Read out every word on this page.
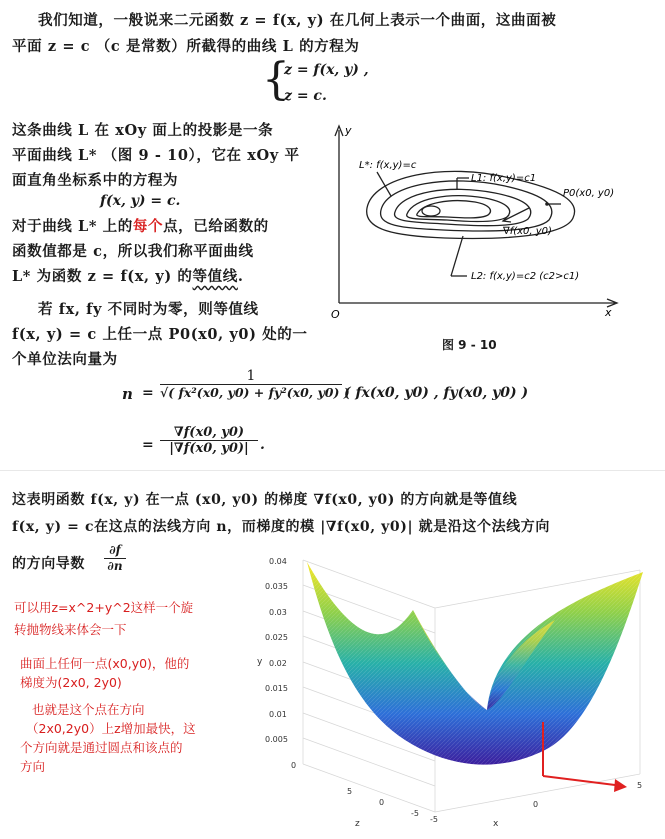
我们知道，一般说来二元函数 z = f(x, y) 在几何上表示一个曲面，这曲面被
平面 z = c （c 是常数）所截得的曲线 L 的方程为
{
z = f(x, y) ,
z = c.
这条曲线 L 在 xOy 面上的投影是一条
平面曲线 L* （图 9 - 10），它在 xOy 平
面直角坐标系中的方程为
f(x, y) = c.
对于曲线 L* 上的每个点，已给函数的
函数值都是 c，所以我们称平面曲线
L* 为函数 z = f(x, y) 的等值线.
若 fx, fy 不同时为零，则等值线
f(x, y) = c 上任一点 P0(x0, y0) 处的一
个单位法向量为
n =
1
√( fx²(x0, y0) + fy²(x0, y0) )
( fx(x0, y0) , fy(x0, y0) )
=
∇f(x0, y0)
|∇f(x0, y0)| .
y
x
O
L*: f(x,y)=c
L1: f(x,y)=c1
P0(x0, y0)
∇f(x0, y0)
L2: f(x,y)=c2 (c2>c1)
图 9 - 10
这表明函数 f(x, y) 在一点 (x0, y0) 的梯度 ∇f(x0, y0) 的方向就是等值线
f(x, y) = c在这点的法线方向 n，而梯度的模 |∇f(x0, y0)| 就是沿这个法线方向
的方向导数
∂f
∂n
可以用z=x^2+y^2这样一个旋
转抛物线来体会一下
曲面上任何一点(x0,y0)，他的
梯度为(2x0, 2y0)
也就是这个点在方向
（2x0,2y0）上z增加最快，这
个方向就是通过圆点和该点的
方向
0.04
0.035
0.03
0.025
0.02
0.015
0.01
0.005
0
y
5
0
-5
z	-5
0
5
x
